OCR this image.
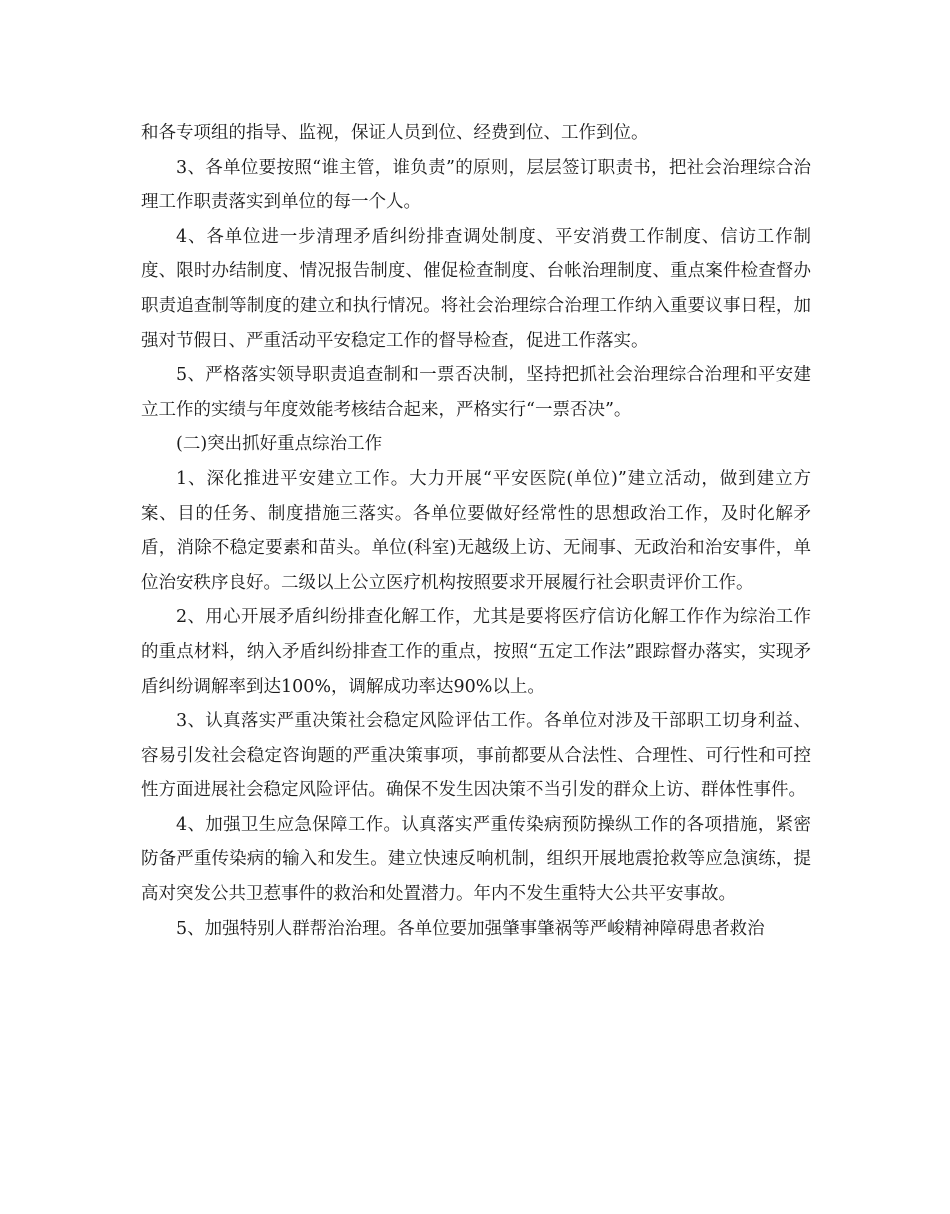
和各专项组的指导、监视，保证人员到位、经费到位、工作到位。

3、各单位要按照“谁主管，谁负责”的原则，层层签订职责书，把社会治理综合治理工作职责落实到单位的每一个人。

4、各单位进一步清理矛盾纠纷排查调处制度、平安消费工作制度、信访工作制度、限时办结制度、情况报告制度、催促检查制度、台帐治理制度、重点案件检查督办职责追查制等制度的建立和执行情况。将社会治理综合治理工作纳入重要议事日程，加强对节假日、严重活动平安稳定工作的督导检查，促进工作落实。

5、严格落实领导职责追查制和一票否决制，坚持把抓社会治理综合治理和平安建立工作的实绩与年度效能考核结合起来，严格实行“一票否决”。

(二)突出抓好重点综治工作

1、深化推进平安建立工作。大力开展“平安医院(单位)”建立活动，做到建立方案、目的任务、制度措施三落实。各单位要做好经常性的思想政治工作，及时化解矛盾，消除不稳定要素和苗头。单位(科室)无越级上访、无闹事、无政治和治安事件，单位治安秩序良好。二级以上公立医疗机构按照要求开展履行社会职责评价工作。

2、用心开展矛盾纠纷排查化解工作，尤其是要将医疗信访化解工作作为综治工作的重点材料，纳入矛盾纠纷排查工作的重点，按照“五定工作法”跟踪督办落实，实现矛盾纠纷调解率到达100%，调解成功率达90%以上。

3、认真落实严重决策社会稳定风险评估工作。各单位对涉及干部职工切身利益、容易引发社会稳定咨询题的严重决策事项，事前都要从合法性、合理性、可行性和可控性方面进展社会稳定风险评估。确保不发生因决策不当引发的群众上访、群体性事件。

4、加强卫生应急保障工作。认真落实严重传染病预防操纵工作的各项措施，紧密防备严重传染病的输入和发生。建立快速反响机制，组织开展地震抢救等应急演练，提高对突发公共卫惹事件的救治和处置潜力。年内不发生重特大公共平安事故。

5、加强特别人群帮治治理。各单位要加强肇事肇祸等严峻精神障碍患者救治
